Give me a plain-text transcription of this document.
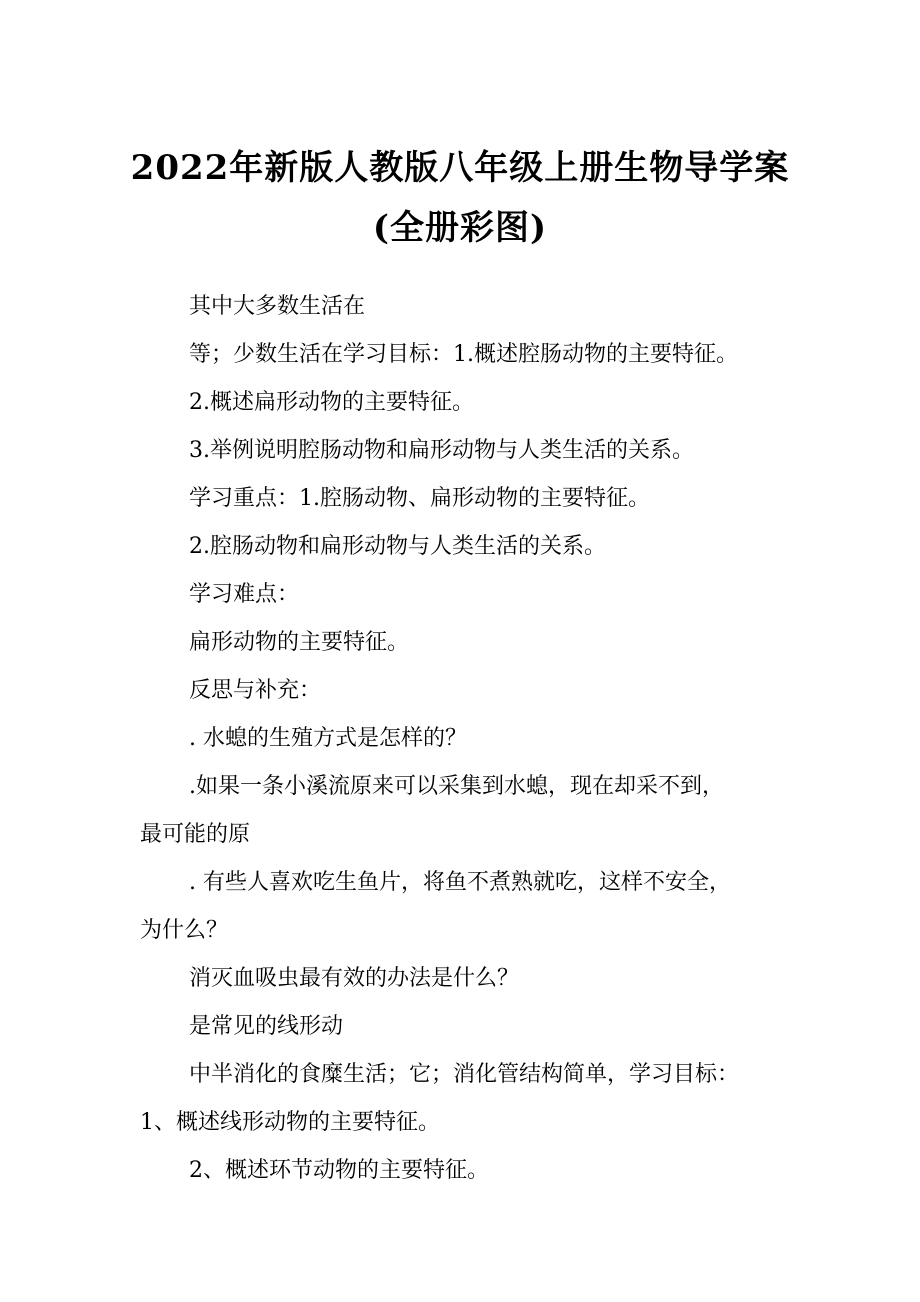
2022年新版人教版八年级上册生物导学案
(全册彩图)

其中大多数生活在

等；少数生活在学习目标：1.概述腔肠动物的主要特征。

2.概述扁形动物的主要特征。

3.举例说明腔肠动物和扁形动物与人类生活的关系。

学习重点：1.腔肠动物、扁形动物的主要特征。

2.腔肠动物和扁形动物与人类生活的关系。

学习难点：

扁形动物的主要特征。

反思与补充：

. 水螅的生殖方式是怎样的？

.如果一条小溪流原来可以采集到水螅，现在却采不到，

最可能的原

. 有些人喜欢吃生鱼片，将鱼不煮熟就吃，这样不安全，

为什么？

消灭血吸虫最有效的办法是什么？

是常见的线形动

中半消化的食糜生活；它；消化管结构简单，学习目标：

1、概述线形动物的主要特征。

2、概述环节动物的主要特征。
